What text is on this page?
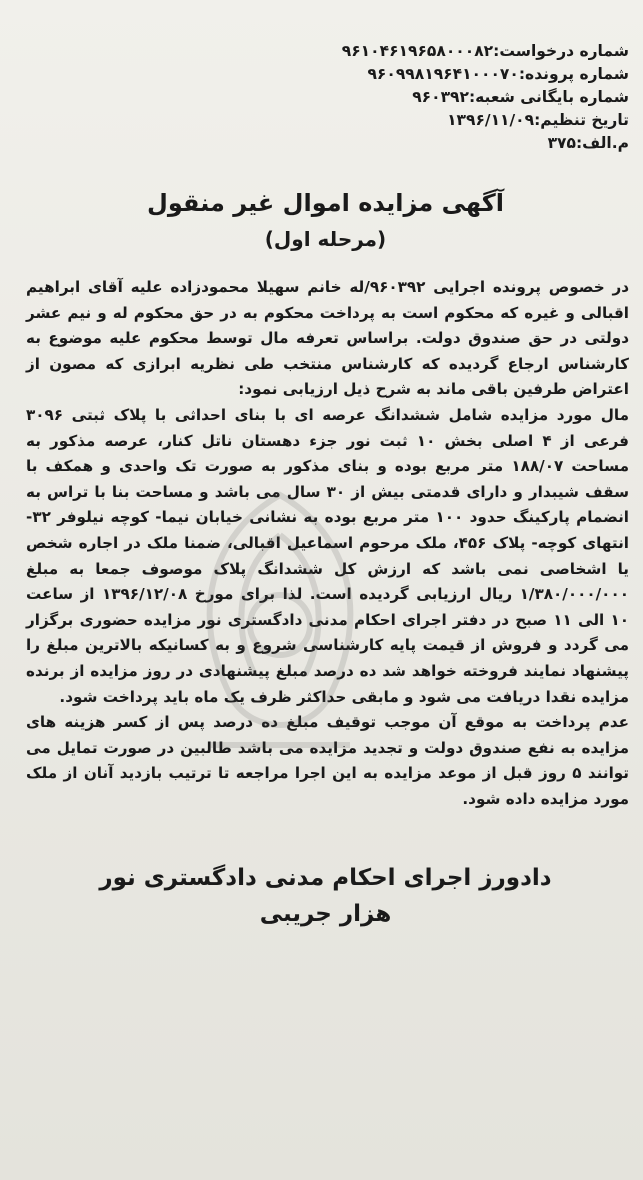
شماره درخواست:۹۶۱۰۴۶۱۹۶۵۸۰۰۰۸۲
شماره پرونده:۹۶۰۹۹۸۱۹۶۴۱۰۰۰۷۰
شماره بایگانی شعبه:۹۶۰۳۹۲
تاریخ تنظیم:۱۳۹۶/۱۱/۰۹
م.الف:۳۷۵
آگهی مزایده اموال غیر منقول
(مرحله اول)

در خصوص پرونده اجرایی ۹۶۰۳۹۲/له خانم سهیلا محمودزاده علیه آقای ابراهیم اقبالی و غیره که محکوم است به پرداخت محکوم به در حق محکوم له و نیم عشر دولتی در حق صندوق دولت. براساس تعرفه مال توسط محکوم علیه موضوع به کارشناس ارجاع گردیده که کارشناس منتخب طی نظریه ابرازی که مصون از اعتراض طرفین باقی ماند به شرح ذیل ارزیابی نمود:

مال مورد مزایده شامل ششدانگ عرصه ای با بنای احداثی با پلاک ثبتی ۳۰۹۶ فرعی از ۴ اصلی بخش ۱۰ ثبت نور جزء دهستان ناتل کنار، عرصه مذکور به مساحت ۱۸۸/۰۷ متر مربع بوده و بنای مذکور به صورت تک واحدی و همکف با سقف شیبدار و دارای قدمتی بیش از ۳۰ سال می باشد و مساحت بنا با تراس به انضمام پارکینگ حدود ۱۰۰ متر مربع بوده به نشانی خیابان نیما- کوچه نیلوفر ۳۲- انتهای کوچه- پلاک ۴۵۶، ملک مرحوم اسماعیل اقبالی، ضمنا ملک در اجاره شخص یا اشخاصی نمی باشد که ارزش کل ششدانگ پلاک موصوف جمعا به مبلغ ۱/۳۸۰/۰۰۰/۰۰۰ ریال ارزیابی گردیده است. لذا برای مورخ ۱۳۹۶/۱۲/۰۸ از ساعت ۱۰ الی ۱۱ صبح در دفتر اجرای احکام مدنی دادگستری نور مزایده حضوری برگزار می گردد و فروش از قیمت پایه کارشناسی شروع و به کسانیکه بالاترین مبلغ را پیشنهاد نمایند فروخته خواهد شد ده درصد مبلغ پیشنهادی در روز مزایده از برنده مزایده نقدا دریافت می شود و مابقی حداکثر ظرف یک ماه باید پرداخت شود.

عدم پرداخت به موقع آن موجب توقیف مبلغ ده درصد پس از کسر هزینه های مزایده به نفع صندوق دولت و تجدید مزایده می باشد طالبین در صورت تمایل می توانند ۵ روز قبل از موعد مزایده به این اجرا مراجعه تا ترتیب بازدید آنان از ملک مورد مزایده داده شود.

دادورز اجرای احکام مدنی دادگستری نور
هزار جریبی
